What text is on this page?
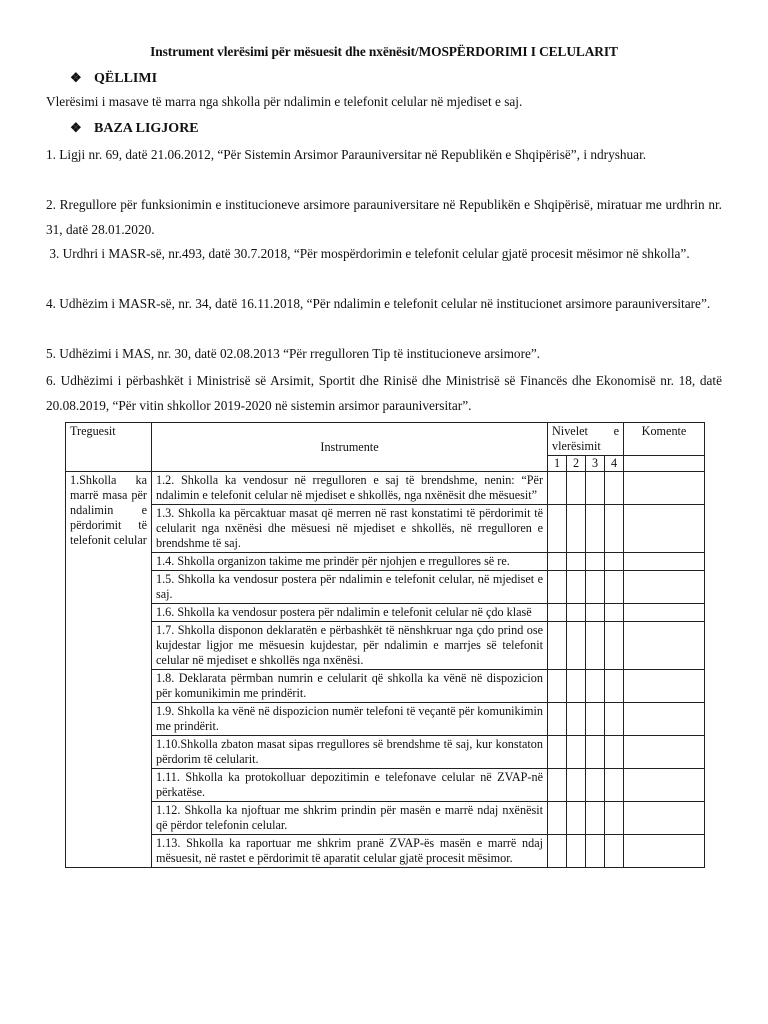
Instrument vlerësimi për mësuesit dhe nxënësit/MOSPËRDORIMI I CELULARIT
❖ QËLLIMI
Vlerësimi i masave të marra nga shkolla për ndalimin e telefonit celular në mjediset e saj.
❖ BAZA LIGJORE
1. Ligji nr. 69, datë 21.06.2012, “Për Sistemin Arsimor Parauniversitar në Republikën e Shqipërisë”, i ndryshuar.
2. Rregullore për funksionimin e institucioneve arsimore parauniversitare në Republikën e Shqipërisë, miratuar me urdhrin nr. 31, datë 28.01.2020.
3. Urdhri i MASR-së, nr.493, datë 30.7.2018, “Për mospërdorimin e telefonit celular gjatë procesit mësimor në shkolla”.
4. Udhëzim i MASR-së, nr. 34, datë 16.11.2018, “Për ndalimin e telefonit celular në institucionet arsimore parauniversitare”.
5. Udhëzimi i MAS, nr. 30, datë 02.08.2013 “Për rregulloren Tip të institucioneve arsimore”.
6. Udhëzimi i përbashkët i Ministrisë së Arsimit, Sportit dhe Rinisë dhe Ministrisë së Financës dhe Ekonomisë nr. 18, datë 20.08.2019, “Për vitin shkollor 2019-2020 në sistemin arsimor parauniversitar”.
Treguesit	Instrumente	Nivelet e vlerësimit				Komente
		1	2	3	4	
1.Shkolla ka marrë masa për ndalimin e përdorimit të telefonit celular	1.2. Shkolla ka vendosur në rregulloren e saj të brendshme, nenin: “Për ndalimin e telefonit celular në mjediset e shkollës, nga nxënësit dhe mësuesit”					
	1.3. Shkolla ka përcaktuar masat që merren në rast konstatimi të përdorimit të celularit nga nxënësi dhe mësuesi në mjediset e shkollës, në rregulloren e brendshme të saj.					
	1.4. Shkolla organizon takime me prindër për njohjen e rregullores së re.					
	1.5. Shkolla ka vendosur postera për ndalimin e telefonit celular, në mjediset e saj.					
	1.6. Shkolla ka vendosur postera për ndalimin e telefonit celular në çdo klasë					
	1.7. Shkolla disponon deklaratën e përbashkët të nënshkruar nga çdo prind ose kujdestar ligjor me mësuesin kujdestar, për ndalimin e marrjes së telefonit celular në mjediset e shkollës nga nxënësi.					
	1.8. Deklarata përmban numrin e celularit që shkolla ka vënë në dispozicion për komunikimin me prindërit.					
	1.9. Shkolla ka vënë në dispozicion numër telefoni të veçantë për komunikimin me prindërit.					
	1.10.Shkolla zbaton masat sipas rregullores së brendshme të saj, kur konstaton përdorim të celularit.					
	1.11. Shkolla ka protokolluar depozitimin e telefonave celular në ZVAP-në përkatëse.					
	1.12. Shkolla ka njoftuar me shkrim prindin për masën e marrë ndaj nxënësit që përdor telefonin celular.					
	1.13. Shkolla ka raportuar me shkrim pranë ZVAP-ës masën e marrë ndaj mësuesit, në rastet e përdorimit të aparatit celular gjatë procesit mësimor.					
